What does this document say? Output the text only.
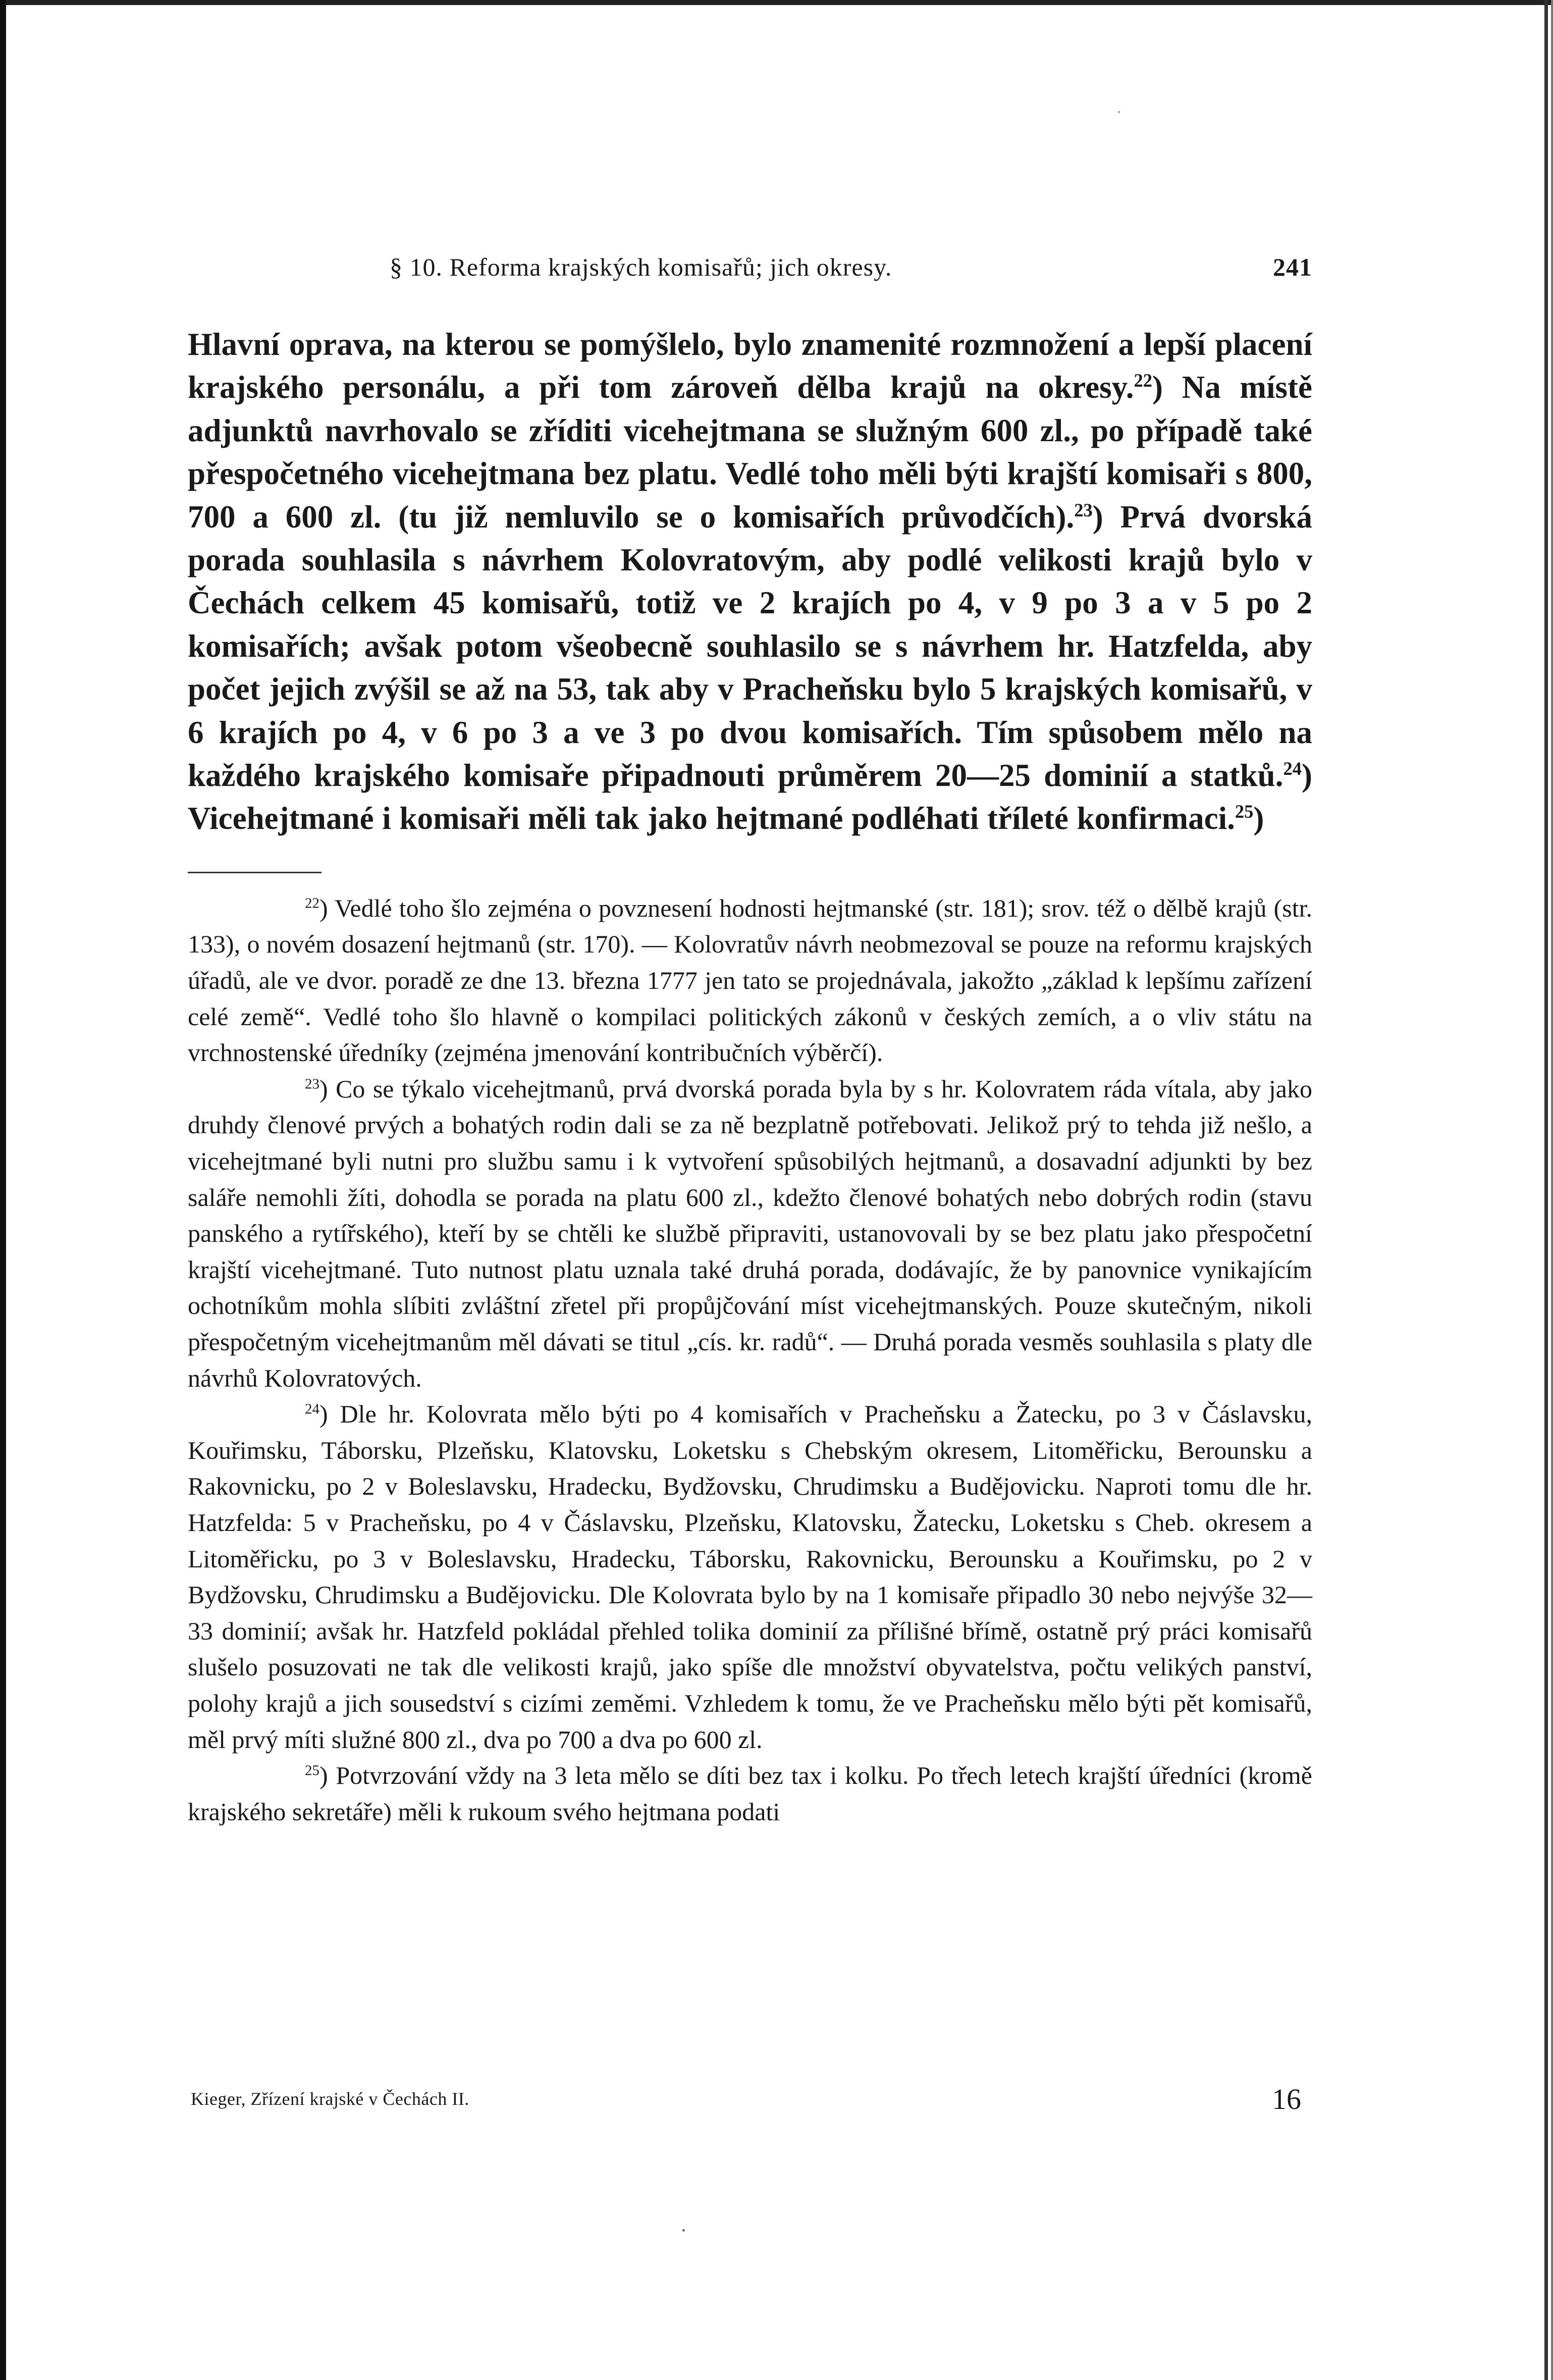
§ 10. Reforma krajských komisařů; jich okresy.	241
Hlavní oprava, na kterou se pomýšlelo, bylo znamenité rozmnožení a lepší placení krajského personálu, a při tom zároveň dělba krajů na okresy.$^{22}$) Na místě adjunktů navrhovalo se zříditi vicehejtmana se služným 600 zl., po případě také přespočetného vicehejtmana bez platu. Vedlé toho měli býti krajští komisaři s 800, 700 a 600 zl. (tu již nemluvilo se o komisařích průvodčích).$^{23}$) Prvá dvorská porada souhlasila s návrhem Kolovratovým, aby podlé velikosti krajů bylo v Čechách celkem 45 komisařů, totiž ve 2 krajích po 4, v 9 po 3 a v 5 po 2 komisařích; avšak potom všeobecně souhlasilo se s návrhem hr. Hatzfelda, aby počet jejich zvýšil se až na 53, tak aby v Pracheňsku bylo 5 krajských komisařů, v 6 krajích po 4, v 6 po 3 a ve 3 po dvou komisařích. Tím spůsobem mělo na každého krajského komisaře připadnouti průměrem 20—25 dominií a statků.$^{24}$) Vicehejtmané i komisaři měli tak jako hejtmané podléhati tříleté konfirmaci.$^{25}$)

$^{22}$) Vedlé toho šlo zejména o povznesení hodnosti hejtmanské (str. 181); srov. též o dělbě krajů (str. 133), o novém dosazení hejtmanů (str. 170). — Kolovratův návrh neobmezoval se pouze na reformu krajských úřadů, ale ve dvor. poradě ze dne 13. března 1777 jen tato se projednávala, jakožto „základ k lepšímu zařízení celé země“. Vedlé toho šlo hlavně o kompilaci politických zákonů v českých zemích, a o vliv státu na vrchnostenské úředníky (zejména jmenování kontribučních výběrčí).

$^{23}$) Co se týkalo vicehejtmanů, prvá dvorská porada byla by s hr. Kolovratem ráda vítala, aby jako druhdy členové prvých a bohatých rodin dali se za ně bezplatně potřebovati. Jelikož prý to tehda již nešlo, a vicehejtmané byli nutni pro službu samu i k vytvoření spůsobilých hejtmanů, a dosavadní adjunkti by bez saláře nemohli žíti, dohodla se porada na platu 600 zl., kdežto členové bohatých nebo dobrých rodin (stavu panského a rytířského), kteří by se chtěli ke službě připraviti, ustanovovali by se bez platu jako přespočetní krajští vicehejtmané. Tuto nutnost platu uznala také druhá porada, dodávajíc, že by panovnice vynikajícím ochotníkům mohla slíbiti zvláštní zřetel při propůjčování míst vicehejtmanských. Pouze skutečným, nikoli přespočetným vicehejtmanům měl dávati se titul „cís. kr. radů“. — Druhá porada vesměs souhlasila s platy dle návrhů Kolovratových.

$^{24}$) Dle hr. Kolovrata mělo býti po 4 komisařích v Pracheňsku a Žatecku, po 3 v Čáslavsku, Kouřimsku, Táborsku, Plzeňsku, Klatovsku, Loketsku s Chebským okresem, Litoměřicku, Berounsku a Rakovnicku, po 2 v Boleslavsku, Hradecku, Bydžovsku, Chrudimsku a Budějovicku. Naproti tomu dle hr. Hatzfelda: 5 v Pracheňsku, po 4 v Čáslavsku, Plzeňsku, Klatovsku, Žatecku, Loketsku s Cheb. okresem a Litoměřicku, po 3 v Boleslavsku, Hradecku, Táborsku, Rakovnicku, Berounsku a Kouřimsku, po 2 v Bydžovsku, Chrudimsku a Budějovicku. Dle Kolovrata bylo by na 1 komisaře připadlo 30 nebo nejvýše 32—33 dominií; avšak hr. Hatzfeld pokládal přehled tolika dominií za přílišné břímě, ostatně prý práci komisařů slušelo posuzovati ne tak dle velikosti krajů, jako spíše dle množství obyvatelstva, počtu velikých panství, polohy krajů a jich sousedství s cizími zeměmi. Vzhledem k tomu, že ve Pracheňsku mělo býti pět komisařů, měl prvý míti služné 800 zl., dva po 700 a dva po 600 zl.

$^{25}$) Potvrzování vždy na 3 leta mělo se díti bez tax i kolku. Po třech letech krajští úředníci (kromě krajského sekretáře) měli k rukoum svého hejtmana podati

Kieger, Zřízení krajské v Čechách II.	16
